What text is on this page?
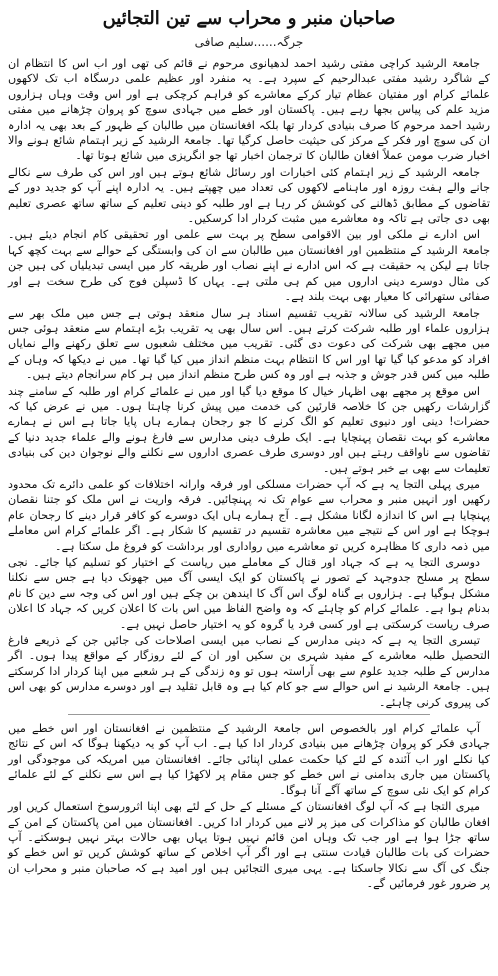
صاحبان منبر و محراب سے تین التجائیں
جرگہ......سلیم صافی

جامعۃ الرشید کراچی مفتی رشید احمد لدھیانوی مرحوم نے قائم کی تھی اور اب اس کا انتظام ان کے شاگرد رشید مفتی عبدالرحیم کے سپرد ہے۔ یہ منفرد اور عظیم علمی درسگاہ اب تک لاکھوں علمائے کرام اور مفتیان عظام تیار کرکے معاشرے کو فراہم کرچکی ہے اور اس وقت وہاں ہزاروں مزید علم کی پیاس بجھا رہے ہیں۔ پاکستان اور خطے میں جہادی سوچ کو پروان چڑھانے میں مفتی رشید احمد مرحوم کا صرف بنیادی کردار تھا بلکہ افغانستان میں طالبان کے ظہور کے بعد بھی یہ ادارہ ان کی سوچ اور فکر کے مرکز کی حیثیت حاصل کرگیا تھا۔ جامعۃ الرشید کے زیر اہتمام شائع ہونے والا اخبار ضرب مومن عملاً افغان طالبان کا ترجمان اخبار تھا جو انگریزی میں شائع ہوتا تھا۔

جامعہ الرشید کے زیر اہتمام کئی اخبارات اور رسائل شائع ہوتے ہیں اور اس کی طرف سے نکالے جانے والے ہفت روزہ اور ماہنامے لاکھوں کی تعداد میں چھپتے ہیں۔ یہ ادارہ اپنے آپ کو جدید دور کے تقاضوں کے مطابق ڈھالنے کی کوشش کر رہا ہے اور طلبہ کو دینی تعلیم کے ساتھ ساتھ عصری تعلیم بھی دی جاتی ہے تاکہ وہ معاشرے میں مثبت کردار ادا کرسکیں۔

اس ادارے نے ملکی اور بین الاقوامی سطح پر بہت سے علمی اور تحقیقی کام انجام دیئے ہیں۔ جامعۃ الرشید کے منتظمین اور افغانستان میں طالبان سے ان کی وابستگی کے حوالے سے بہت کچھ کہا جاتا ہے لیکن یہ حقیقت ہے کہ اس ادارے نے اپنے نصاب اور طریقہ کار میں ایسی تبدیلیاں کی ہیں جن کی مثال دوسرے دینی اداروں میں کم ہی ملتی ہے۔ یہاں کا ڈسپلن فوج کی طرح سخت ہے اور صفائی ستھرائی کا معیار بھی بہت بلند ہے۔

جامعۃ الرشید کی سالانہ تقریب تقسیم اسناد ہر سال منعقد ہوتی ہے جس میں ملک بھر سے ہزاروں علماء اور طلبہ شرکت کرتے ہیں۔ اس سال بھی یہ تقریب بڑے اہتمام سے منعقد ہوئی جس میں مجھے بھی شرکت کی دعوت دی گئی۔ تقریب میں مختلف شعبوں سے تعلق رکھنے والے نمایاں افراد کو مدعو کیا گیا تھا اور اس کا انتظام بہت منظم انداز میں کیا گیا تھا۔ میں نے دیکھا کہ وہاں کے طلبہ میں کس قدر جوش و جذبہ ہے اور وہ کس طرح منظم انداز میں ہر کام سرانجام دیتے ہیں۔

اس موقع پر مجھے بھی اظہار خیال کا موقع دیا گیا اور میں نے علمائے کرام اور طلبہ کے سامنے چند گزارشات رکھیں جن کا خلاصہ قارئین کی خدمت میں پیش کرنا چاہتا ہوں۔ میں نے عرض کیا کہ حضرات! دینی اور دنیوی تعلیم کو الگ کرنے کا جو رجحان ہمارے ہاں پایا جاتا ہے اس نے ہمارے معاشرے کو بہت نقصان پہنچایا ہے۔ ایک طرف دینی مدارس سے فارغ ہونے والے علماء جدید دنیا کے تقاضوں سے ناواقف رہتے ہیں اور دوسری طرف عصری اداروں سے نکلنے والے نوجوان دین کی بنیادی تعلیمات سے بھی بے خبر ہوتے ہیں۔

میری پہلی التجا یہ ہے کہ آپ حضرات مسلکی اور فرقہ وارانہ اختلافات کو علمی دائرے تک محدود رکھیں اور انہیں منبر و محراب سے عوام تک نہ پہنچائیں۔ فرقہ واریت نے اس ملک کو جتنا نقصان پہنچایا ہے اس کا اندازہ لگانا مشکل ہے۔ آج ہمارے ہاں ایک دوسرے کو کافر قرار دینے کا رجحان عام ہوچکا ہے اور اس کے نتیجے میں معاشرہ تقسیم در تقسیم کا شکار ہے۔ اگر علمائے کرام اس معاملے میں ذمہ داری کا مظاہرہ کریں تو معاشرے میں رواداری اور برداشت کو فروغ مل سکتا ہے۔

دوسری التجا یہ ہے کہ جہاد اور قتال کے معاملے میں ریاست کے اختیار کو تسلیم کیا جائے۔ نجی سطح پر مسلح جدوجہد کے تصور نے پاکستان کو ایک ایسی آگ میں جھونک دیا ہے جس سے نکلنا مشکل ہوگیا ہے۔ ہزاروں بے گناہ لوگ اس آگ کا ایندھن بن چکے ہیں اور اس کی وجہ سے دین کا نام بدنام ہوا ہے۔ علمائے کرام کو چاہئے کہ وہ واضح الفاظ میں اس بات کا اعلان کریں کہ جہاد کا اعلان صرف ریاست کرسکتی ہے اور کسی فرد یا گروہ کو یہ اختیار حاصل نہیں ہے۔

تیسری التجا یہ ہے کہ دینی مدارس کے نصاب میں ایسی اصلاحات کی جائیں جن کے ذریعے فارغ التحصیل طلبہ معاشرے کے مفید شہری بن سکیں اور ان کے لئے روزگار کے مواقع پیدا ہوں۔ اگر مدارس کے طلبہ جدید علوم سے بھی آراستہ ہوں تو وہ زندگی کے ہر شعبے میں اپنا کردار ادا کرسکتے ہیں۔ جامعۃ الرشید نے اس حوالے سے جو کام کیا ہے وہ قابل تقلید ہے اور دوسرے مدارس کو بھی اس کی پیروی کرنی چاہئے۔

آپ علمائے کرام اور بالخصوص اس جامعۃ الرشید کے منتظمین نے افغانستان اور اس خطے میں جہادی فکر کو پروان چڑھانے میں بنیادی کردار ادا کیا ہے۔ اب آپ کو یہ دیکھنا ہوگا کہ اس کے نتائج کیا نکلے اور اب آئندہ کے لئے کیا حکمت عملی اپنائی جائے۔ افغانستان میں امریکہ کی موجودگی اور پاکستان میں جاری بدامنی نے اس خطے کو جس مقام پر لاکھڑا کیا ہے اس سے نکلنے کے لئے علمائے کرام کو ایک نئی سوچ کے ساتھ آگے آنا ہوگا۔

میری التجا ہے کہ آپ لوگ افغانستان کے مسئلے کے حل کے لئے بھی اپنا اثرورسوخ استعمال کریں اور افغان طالبان کو مذاکرات کی میز پر لانے میں کردار ادا کریں۔ افغانستان میں امن پاکستان کے امن کے ساتھ جڑا ہوا ہے اور جب تک وہاں امن قائم نہیں ہوتا یہاں بھی حالات بہتر نہیں ہوسکتے۔ آپ حضرات کی بات طالبان قیادت سنتی ہے اور اگر آپ اخلاص کے ساتھ کوشش کریں تو اس خطے کو جنگ کی آگ سے نکالا جاسکتا ہے۔ یہی میری التجائیں ہیں اور امید ہے کہ صاحبان منبر و محراب ان پر ضرور غور فرمائیں گے۔
